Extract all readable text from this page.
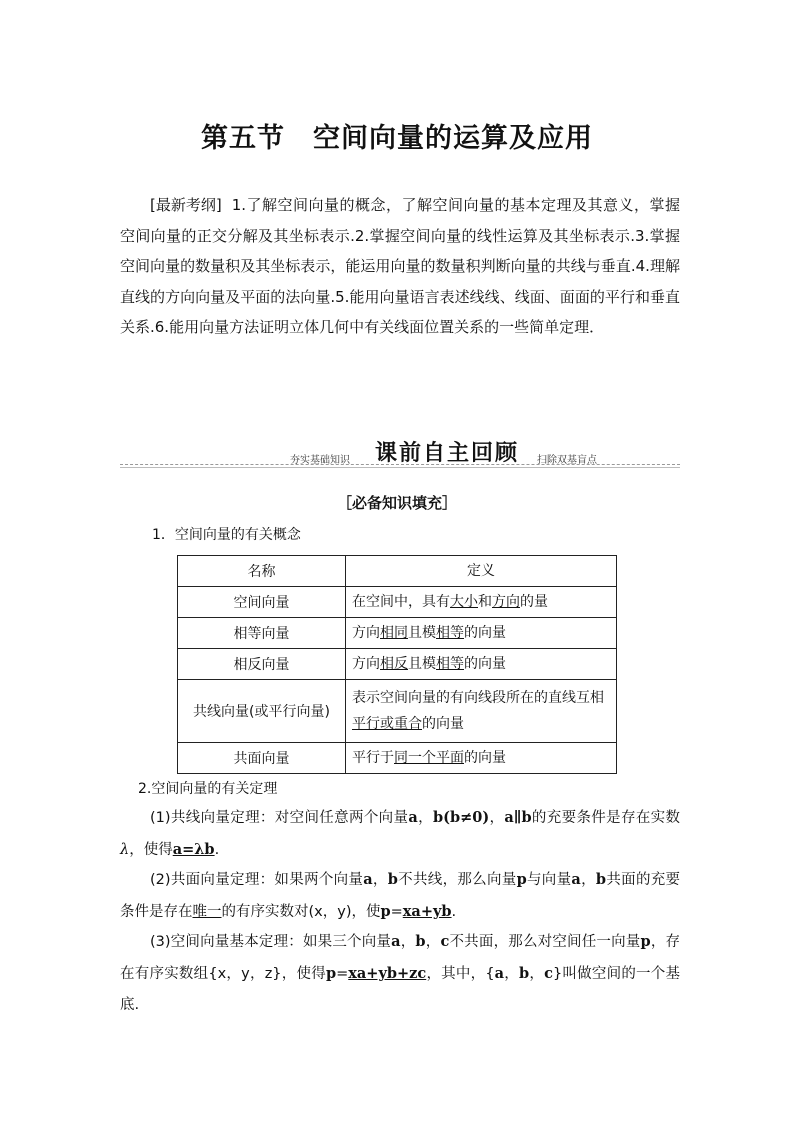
第五节 空间向量的运算及应用
[最新考纲] 1.了解空间向量的概念，了解空间向量的基本定理及其意义，掌握空间向量的正交分解及其坐标表示.2.掌握空间向量的线性运算及其坐标表示.3.掌握空间向量的数量积及其坐标表示，能运用向量的数量积判断向量的共线与垂直.4.理解直线的方向向量及平面的法向量.5.能用向量语言表述线线、线面、面面的平行和垂直关系.6.能用向量方法证明立体几何中有关线面位置关系的一些简单定理．
夯实基础知识 课前自主回顾 扫除双基盲点
［必备知识填充］
1．空间向量的有关概念
名称	定义
空间向量	在空间中，具有大小和方向的量
相等向量	方向相同且模相等的向量
相反向量	方向相反且模相等的向量
共线向量(或平行向量)	表示空间向量的有向线段所在的直线互相平行或重合的向量
共面向量	平行于同一个平面的向量
2.空间向量的有关定理
(1)共线向量定理：对空间任意两个向量a，b(b≠0)，a∥b的充要条件是存在实数λ，使得a=λb.
(2)共面向量定理：如果两个向量a，b不共线，那么向量p与向量a，b共面的充要条件是存在唯一的有序实数对(x，y)，使p=xa+yb.
(3)空间向量基本定理：如果三个向量a，b，c不共面，那么对空间任一向量p，存在有序实数组{x，y，z}，使得p=xa+yb+zc，其中，{a，b，c}叫做空间的一个基底.
